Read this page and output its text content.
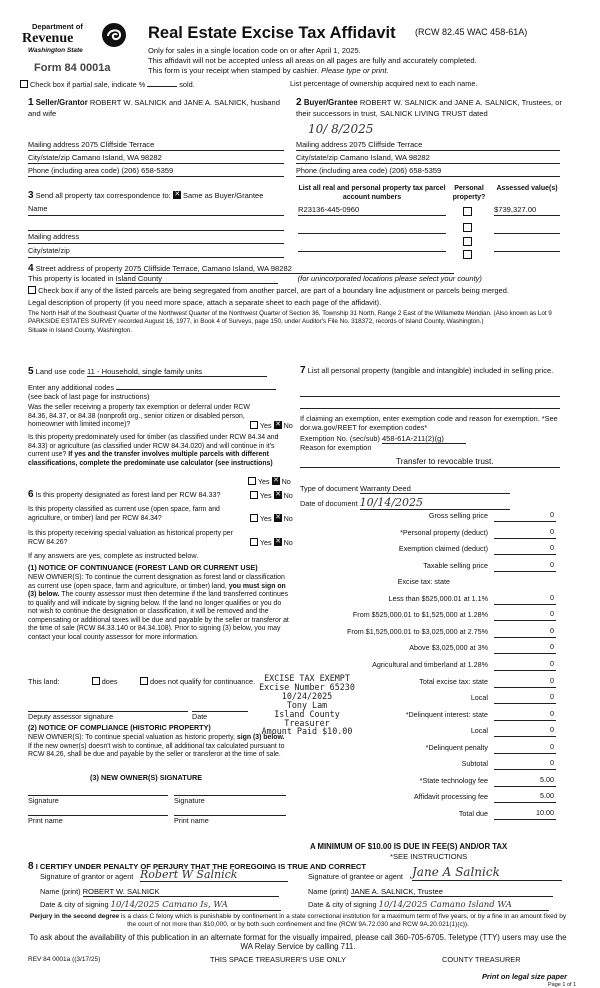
Department of
Revenue
Washington State
Form 84 0001a
Real Estate Excise Tax Affidavit (RCW 82.45 WAC 458-61A)
Only for sales in a single location code on or after April 1, 2025.
This affidavit will not be accepted unless all areas on all pages are fully and accurately completed.
This form is your receipt when stamped by cashier. Please type or print.
Check box if partial sale, indicate %	sold.	List percentage of ownership acquired next to each name.
1 Seller/Grantor ROBERT W. SALNICK and JANE A. SALNICK, husband and wife
Mailing address 2075 Cliffside Terrace
City/state/zip Camano Island, WA 98282
Phone (including area code) (206) 658-5359
2 Buyer/Grantee ROBERT W. SALNICK and JANE A. SALNICK, Trustees, or their successors in trust, SALNICK LIVING TRUST dated
10/ 8/2025
Mailing address 2075 Cliffside Terrace
City/state/zip Camano Island, WA 98282
Phone (including area code) (206) 658-5359
3 Send all property tax correspondence to: ✕ Same as Buyer/Grantee
Name
Mailing address
City/state/zip
List all real and personal property tax parcel account numbers
Personal property?
Assessed value(s)
R23136-445-0960	$739,327.00
4 Street address of property 2075 Cliffside Terrace, Camano Island, WA 98282
This property is located in Island County	(for unincorporated locations please select your county)
Check box if any of the listed parcels are being segregated from another parcel, are part of a boundary line adjustment or parcels being merged.
Legal description of property (if you need more space, attach a separate sheet to each page of the affidavit).
The North Half of the Southeast Quarter of the Northwest Quarter of the Northwest Quarter of Section 36, Township 31 North, Range 2 East of the Willamette Meridian. (Also known as Lot 9 PARKSIDE ESTATES SURVEY recorded August 16, 1977, in Book 4 of Surveys, page 150, under Auditor's File No. 318372, records of Island County, Washington.)
Situate in Island County, Washington.
5 Land use code 11 - Household, single family units
Enter any additional codes
(see back of last page for instructions)
Was the seller receiving a property tax exemption or deferral under RCW 84.36, 84.37, or 84.38 (nonprofit org., senior citizen or disabled person, homeowner with limited income)?	Yes ✕ No
Is this property predominately used for timber (as classified under RCW 84.34 and 84.33) or agriculture (as classified under RCW 84.34.020) and will continue in it's current use? If yes and the transfer involves multiple parcels with different classifications, complete the predominate use calculator (see instructions)
Yes ✕ No
6 Is this property designated as forest land per RCW 84.33?	Yes ✕ No
Is this property classified as current use (open space, farm and agriculture, or timber) land per RCW 84.34?	Yes ✕ No
Is this property receiving special valuation as historical property per RCW 84.26?	Yes ✕ No
If any answers are yes, complete as instructed below.
(1) NOTICE OF CONTINUANCE (FOREST LAND OR CURRENT USE)
NEW OWNER(S): To continue the current designation as forest land or classification as current use (open space, farm and agriculture, or timber) land, you must sign on (3) below. The county assessor must then determine if the land transferred continues to qualify and will indicate by signing below. If the land no longer qualifies or you do not wish to continue the designation or classification, it will be removed and the compensating or additional taxes will be due and payable by the seller or transferor at the time of sale (RCW 84.33.140 or 84.34.108). Prior to signing (3) below, you may contact your local county assessor for more information.
This land:	does	does not qualify for continuance.	EXCISE TAX EXEMPT
Excise Number 65230
10/24/2025
Tony Lam
Island County Treasurer
Amount Paid $10.00
Deputy assessor signature	Date
(2) NOTICE OF COMPLIANCE (HISTORIC PROPERTY)
NEW OWNER(S): To continue special valuation as historic property, sign (3) below. If the new owner(s) doesn't wish to continue, all additional tax calculated pursuant to RCW 84.26, shall be due and payable by the seller or transferor at the time of sale.
(3) NEW OWNER(S) SIGNATURE
Signature	Signature
Print name	Print name
7 List all personal property (tangible and intangible) included in selling price.
If claiming an exemption, enter exemption code and reason for exemption. *See dor.wa.gov/REET for exemption codes*
Exemption No. (sec/sub) 458-61A-211(2)(g)
Reason for exemption
Transfer to revocable trust.
Type of document Warranty Deed
Date of document 10/14/2025
Gross selling price	0
*Personal property (deduct)	0
Exemption claimed (deduct)	0
Taxable selling price	0
Excise tax: state
Less than $525,000.01 at 1.1%	0
From $525,000.01 to $1,525,000 at 1.28%	0
From $1,525,000.01 to $3,025,000 at 2.75%	0
Above $3,025,000 at 3%	0
Agricultural and timberland at 1.28%	0
Total excise tax: state	0
Local	0
*Delinquent interest: state	0
Local	0
*Delinquent penalty	0
Subtotal	0
*State technology fee	5.00
Affidavit processing fee	5.00
Total due	10.00
A MINIMUM OF $10.00 IS DUE IN FEE(S) AND/OR TAX
*SEE INSTRUCTIONS
8 I CERTIFY UNDER PENALTY OF PERJURY THAT THE FOREGOING IS TRUE AND CORRECT
Signature of grantor or agent Robert W Salnick	Signature of grantee or agent Jane A Salnick
Name (print) ROBERT W. SALNICK	Name (print) JANE A. SALNICK, Trustee
Date & city of signing 10/14/2025 Camano Is, WA	Date & city of signing 10/14/2025 Camano Island WA
Perjury in the second degree is a class C felony which is punishable by confinement in a state correctional institution for a maximum term of five years, or by a fine in an amount fixed by the court of not more than $10,000, or by both such confinement and fine (RCW 9A.72.030 and RCW 9A.20.021(1)(c)).
To ask about the availability of this publication in an alternate format for the visually impaired, please call 360-705-6705. Teletype (TTY) users may use the WA Relay Service by calling 711.
REV 84 0001a ((3/17/25)	THIS SPACE TREASURER'S USE ONLY	COUNTY TREASURER
Print on legal size paper
Page 1 of 1
